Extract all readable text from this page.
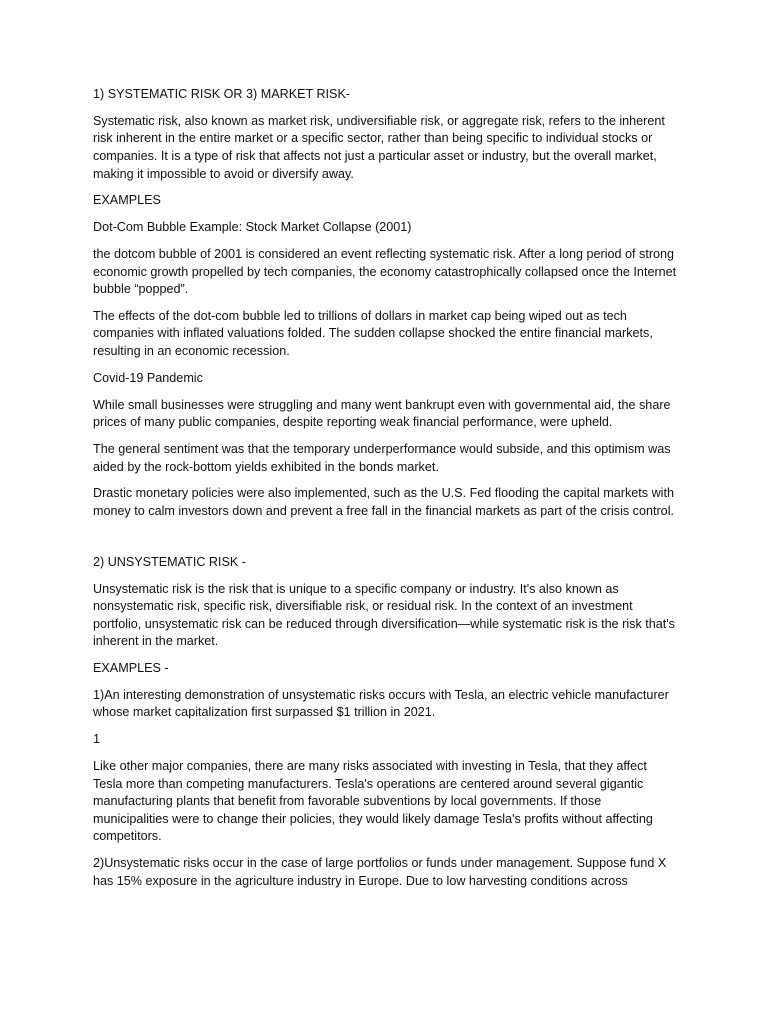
1) SYSTEMATIC RISK OR 3) MARKET RISK-

Systematic risk, also known as market risk, undiversifiable risk, or aggregate risk, refers to the inherent risk inherent in the entire market or a specific sector, rather than being specific to individual stocks or companies. It is a type of risk that affects not just a particular asset or industry, but the overall market, making it impossible to avoid or diversify away.

EXAMPLES

Dot-Com Bubble Example: Stock Market Collapse (2001)

the dotcom bubble of 2001 is considered an event reflecting systematic risk. After a long period of strong economic growth propelled by tech companies, the economy catastrophically collapsed once the Internet bubble “popped”.

The effects of the dot-com bubble led to trillions of dollars in market cap being wiped out as tech companies with inflated valuations folded. The sudden collapse shocked the entire financial markets, resulting in an economic recession.

Covid-19 Pandemic

While small businesses were struggling and many went bankrupt even with governmental aid, the share prices of many public companies, despite reporting weak financial performance, were upheld.

The general sentiment was that the temporary underperformance would subside, and this optimism was aided by the rock-bottom yields exhibited in the bonds market.

Drastic monetary policies were also implemented, such as the U.S. Fed flooding the capital markets with money to calm investors down and prevent a free fall in the financial markets as part of the crisis control.

2) UNSYSTEMATIC RISK -

Unsystematic risk is the risk that is unique to a specific company or industry. It's also known as nonsystematic risk, specific risk, diversifiable risk, or residual risk. In the context of an investment portfolio, unsystematic risk can be reduced through diversification—while systematic risk is the risk that's inherent in the market.

EXAMPLES -

1)An interesting demonstration of unsystematic risks occurs with Tesla, an electric vehicle manufacturer whose market capitalization first surpassed $1 trillion in 2021.

1

Like other major companies, there are many risks associated with investing in Tesla, that they affect Tesla more than competing manufacturers. Tesla's operations are centered around several gigantic manufacturing plants that benefit from favorable subventions by local governments. If those municipalities were to change their policies, they would likely damage Tesla's profits without affecting competitors.

2)Unsystematic risks occur in the case of large portfolios or funds under management. Suppose fund X has 15% exposure in the agriculture industry in Europe. Due to low harvesting conditions across
